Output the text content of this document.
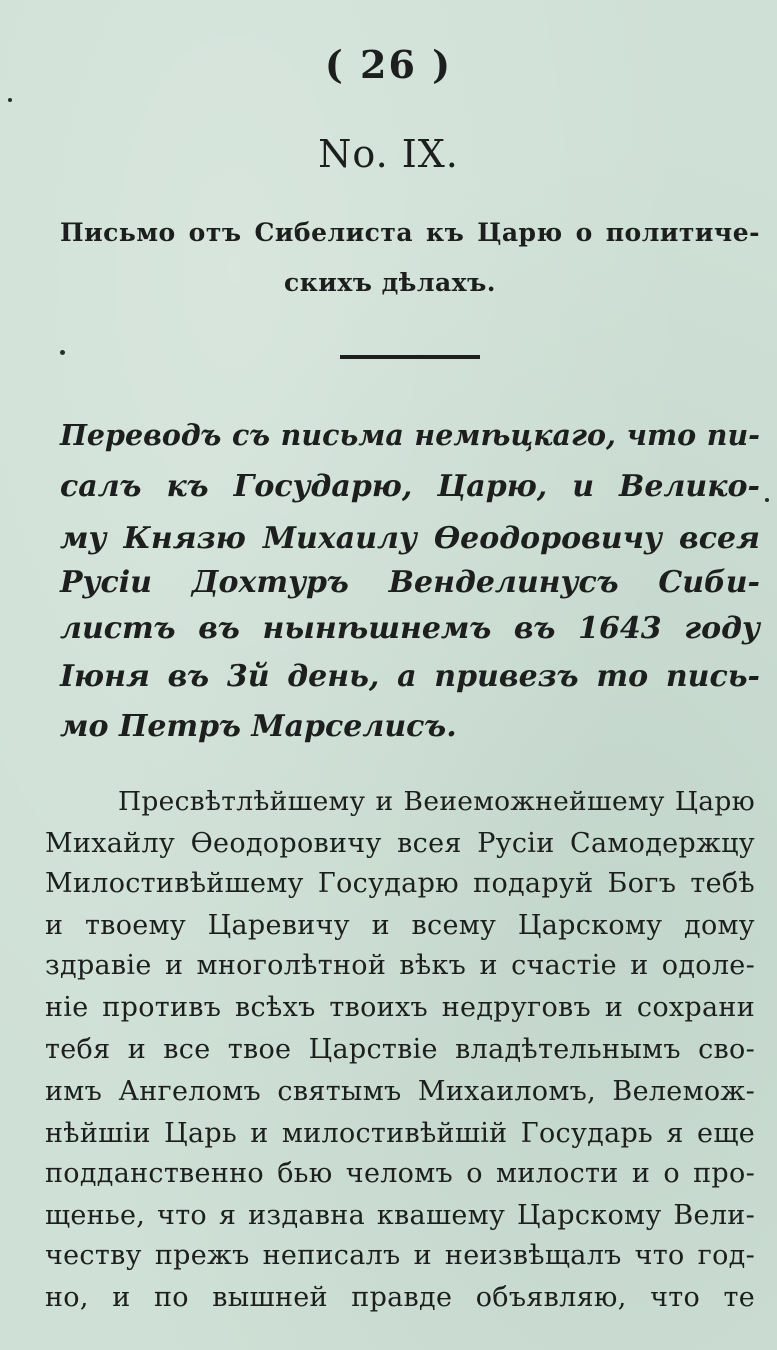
( 26 )
No. IX.
Письмо отъ Сибелиста къ Царю о политиче-
скихъ дѣлахъ.
Переводъ съ письма немѣцкаго, что пи-
салъ къ Государю, Царю, и Велико-
му Князю Михаилу Ѳеодоровичу всея
Русіи Дохтуръ Венделинусъ Сиби-
листъ въ нынѣшнемъ въ 1643 году
Іюня въ 3й день, а привезъ то пись-
мо Петръ Марселисъ.
Пресвѣтлѣйшему и Веиеможнейшему Царю
Михайлу Ѳеодоровичу всея Русіи Самодержцу
Милостивѣйшему Государю подаруй Богъ тебѣ
и твоему Царевичу и всему Царскому дому
здравіе и многолѣтной вѣкъ и счастіе и одоле-
ніе противъ всѣхъ твоихъ недруговъ и сохрани
тебя и все твое Царствіе владѣтельнымъ сво-
имъ Ангеломъ святымъ Михаиломъ, Велемож-
нѣйшіи Царь и милостивѣйшій Государь я еще
подданственно бью челомъ о милости и о про-
щенье, что я издавна квашему Царскому Вели-
честву прежъ неписалъ и неизвѣщалъ что год-
но, и по вышней правде объявляю, что те
